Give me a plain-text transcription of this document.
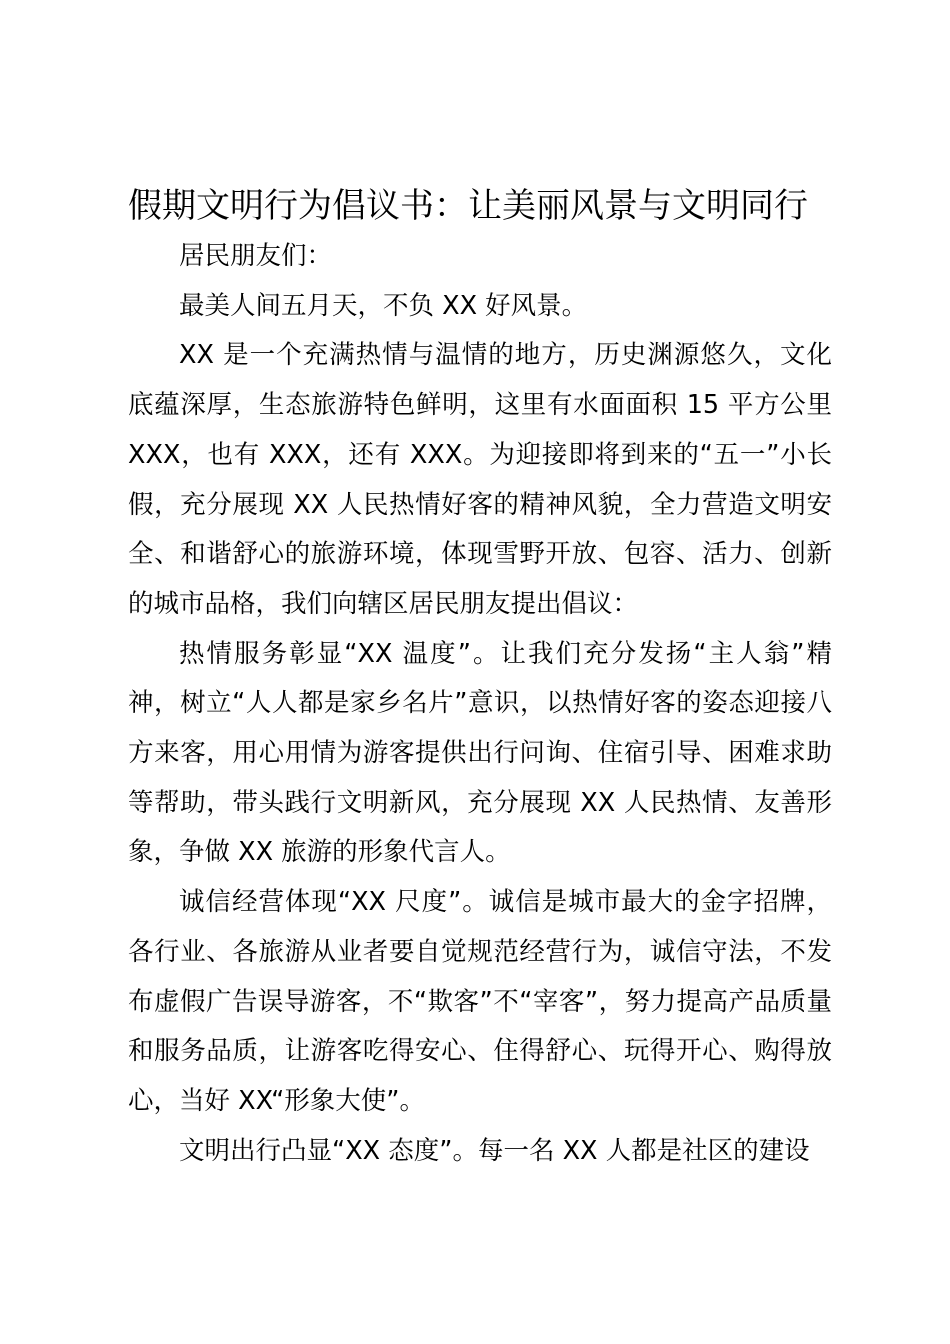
假期文明行为倡议书：让美丽风景与文明同行

居民朋友们：

最美人间五月天，不负 XX 好风景。

XX 是一个充满热情与温情的地方，历史渊源悠久，文化底蕴深厚，生态旅游特色鲜明，这里有水面面积 15 平方公里 XXX，也有 XXX，还有 XXX。为迎接即将到来的“五一”小长假，充分展现 XX 人民热情好客的精神风貌，全力营造文明安全、和谐舒心的旅游环境，体现雪野开放、包容、活力、创新的城市品格，我们向辖区居民朋友提出倡议：

热情服务彰显“XX 温度”。让我们充分发扬“主人翁”精神，树立“人人都是家乡名片”意识，以热情好客的姿态迎接八方来客，用心用情为游客提供出行问询、住宿引导、困难求助等帮助，带头践行文明新风，充分展现 XX 人民热情、友善形象，争做 XX 旅游的形象代言人。

诚信经营体现“XX 尺度”。诚信是城市最大的金字招牌，各行业、各旅游从业者要自觉规范经营行为，诚信守法，不发布虚假广告误导游客，不“欺客”不“宰客”，努力提高产品质量和服务品质，让游客吃得安心、住得舒心、玩得开心、购得放心，当好 XX“形象大使”。

文明出行凸显“XX 态度”。每一名 XX 人都是社区的建设
